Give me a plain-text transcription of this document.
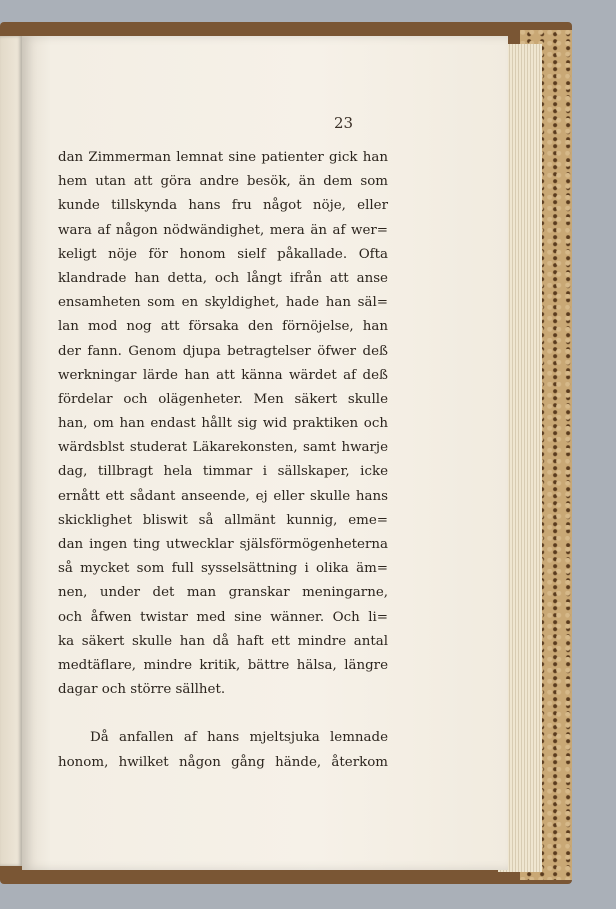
23
dan Zimmerman lemnat sine patienter gick han
hem utan att göra andre besök, än dem som
kunde tillskynda hans fru något nöje, eller
wara af någon nödwändighet, mera än af wer=
keligt nöje för honom sielf påkallade. Ofta
klandrade han detta, och långt ifrån att anse
ensamheten som en skyldighet, hade han säl=
lan mod nog att försaka den förnöjelse, han
der fann. Genom djupa betragtelser öfwer deß
werkningar lärde han att känna wärdet af deß
fördelar och olägenheter. Men säkert skulle
han, om han endast hållt sig wid praktiken och
wärdsblst studerat Läkarekonsten, samt hwarje
dag, tillbragt hela timmar i sällskaper, icke
ernått ett sådant anseende, ej eller skulle hans
skicklighet bliswit så allmänt kunnig, eme=
dan ingen ting utwecklar själsförmögenheterna
så mycket som full sysselsättning i olika äm=
nen, under det man granskar meningarne,
och åfwen twistar med sine wänner. Och li=
ka säkert skulle han då haft ett mindre antal
medtäflare, mindre kritik, bättre hälsa, längre
dagar och större sällhet.
Då anfallen af hans mjeltsjuka lemnade
honom, hwilket någon gång hände, återkom
